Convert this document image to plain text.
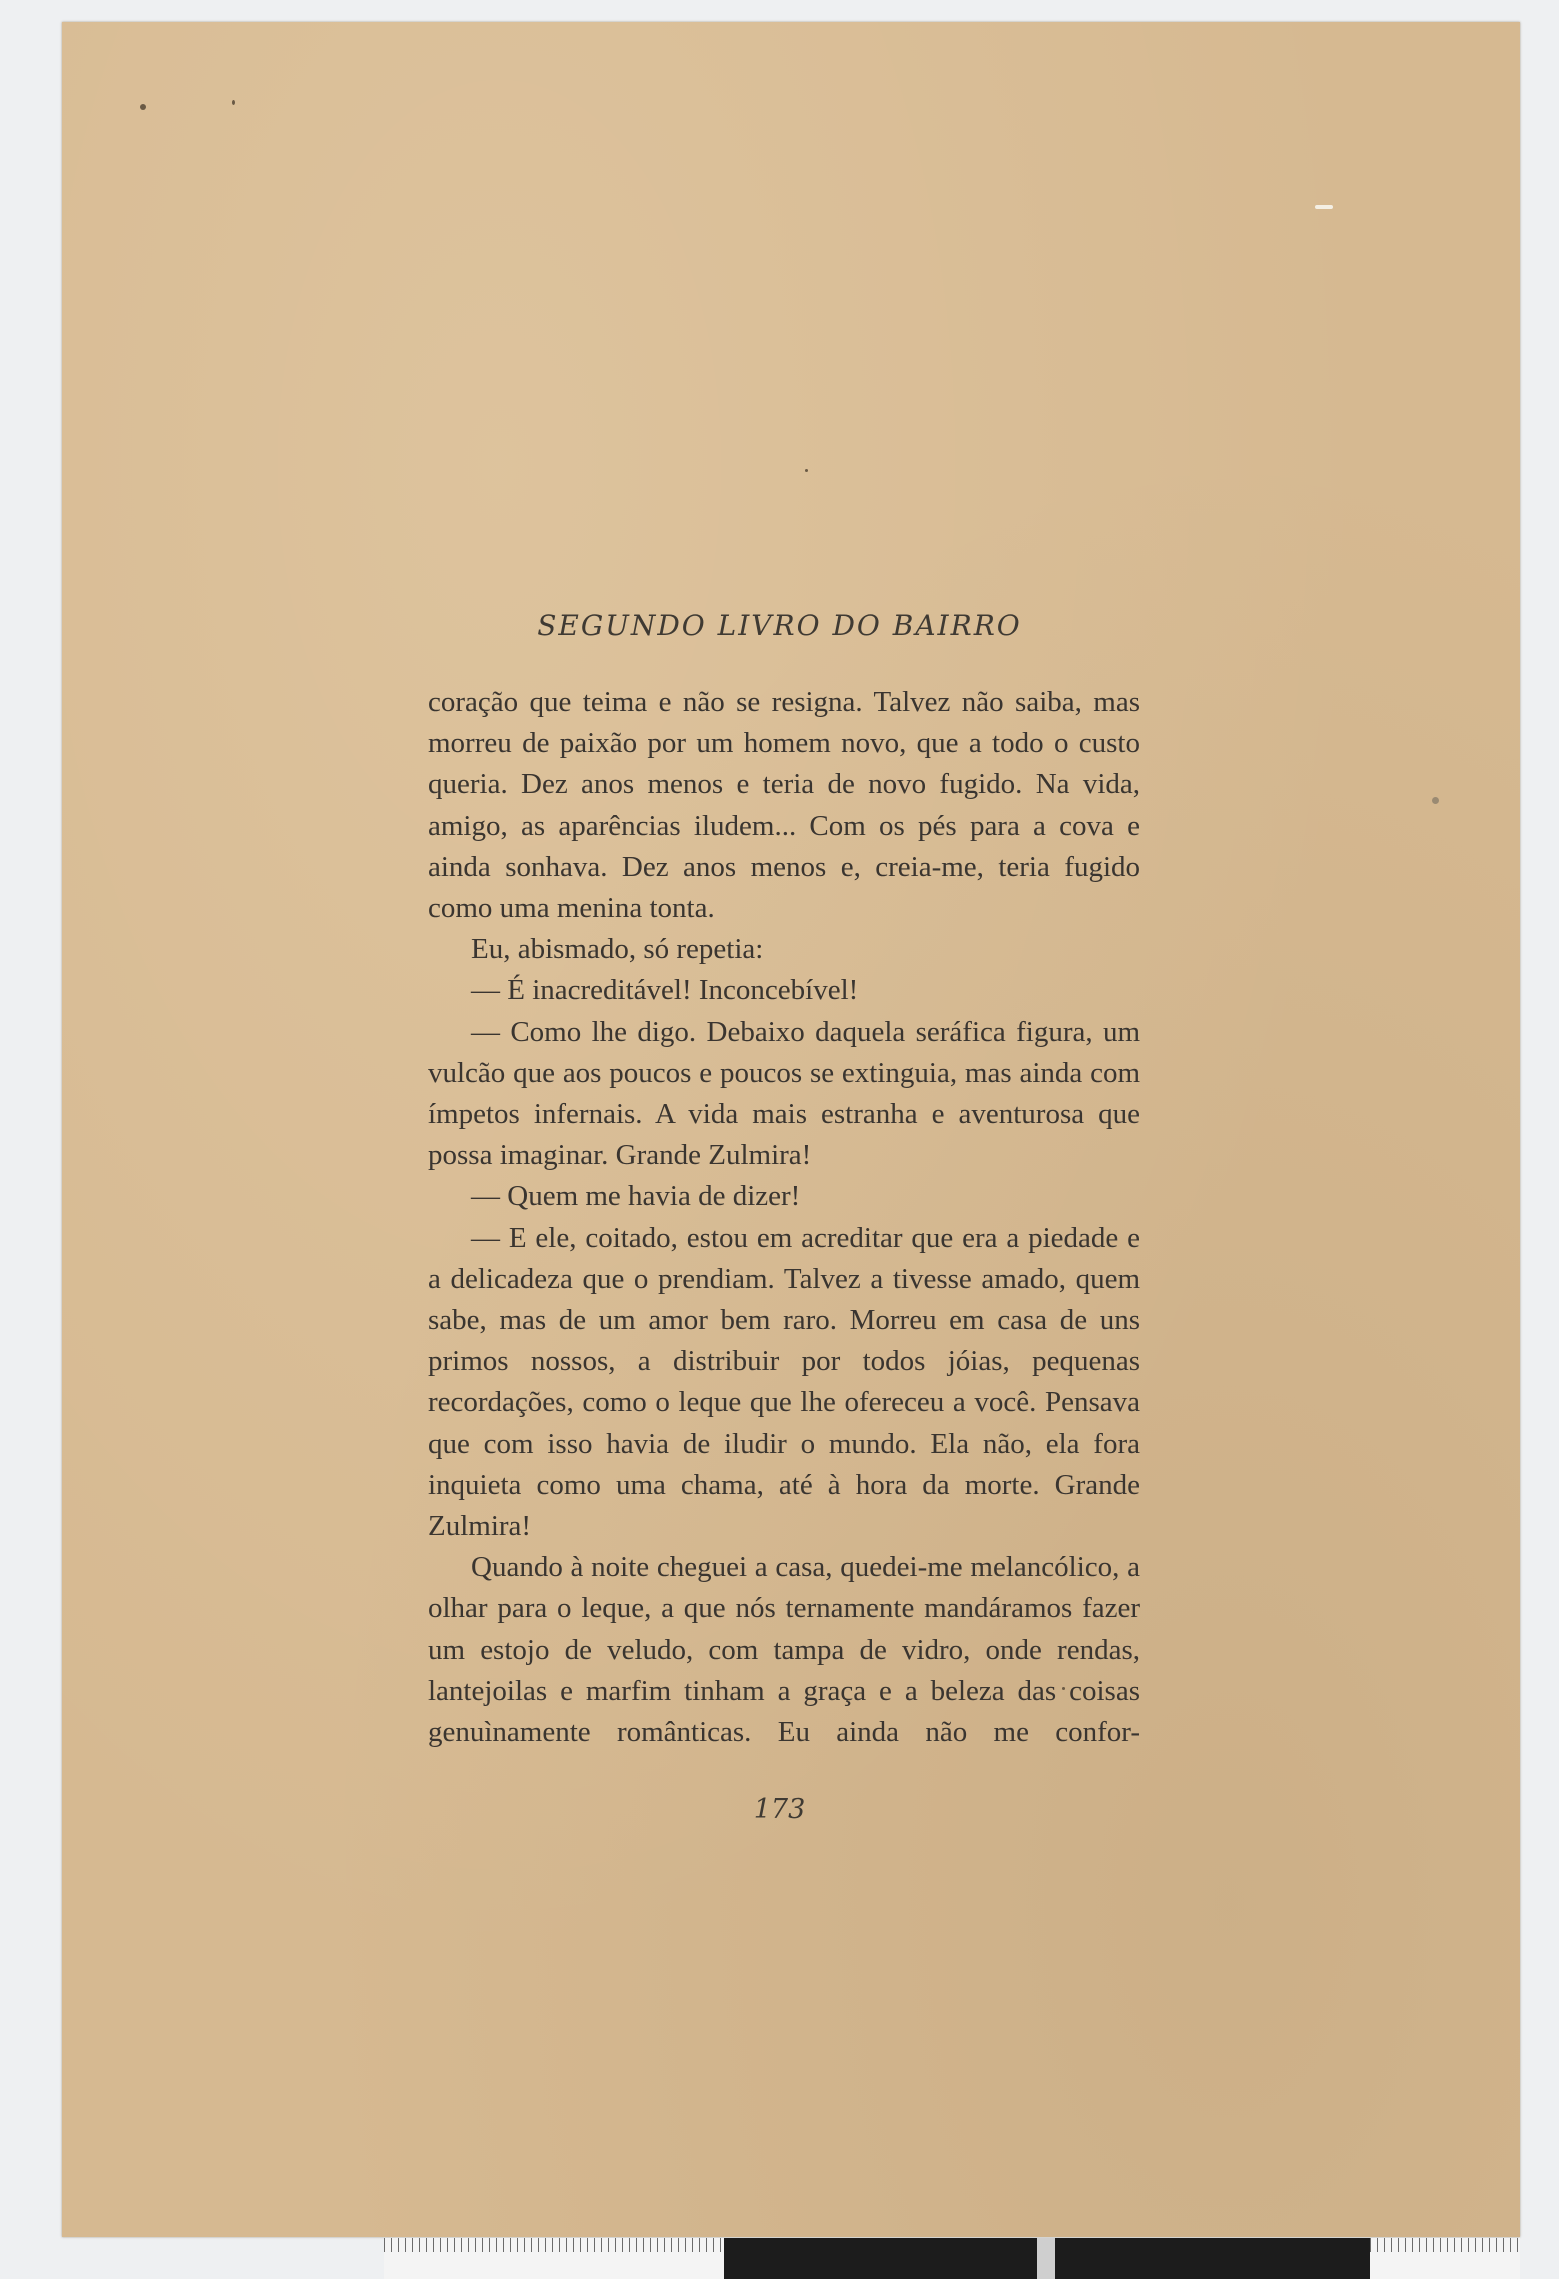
SEGUNDO LIVRO DO BAIRRO

coração que teima e não se resigna. Talvez não saiba, mas morreu de paixão por um homem novo, que a todo o custo queria. Dez anos menos e teria de novo fugido. Na vida, amigo, as aparências iludem... Com os pés para a cova e ainda sonhava. Dez anos menos e, creia-me, teria fugido como uma menina tonta.

Eu, abismado, só repetia:

— É inacreditável! Inconcebível!

— Como lhe digo. Debaixo daquela seráfica figura, um vulcão que aos poucos e poucos se extinguia, mas ainda com ímpetos infernais. A vida mais estranha e aventurosa que possa imaginar. Grande Zulmira!

— Quem me havia de dizer!

— E ele, coitado, estou em acreditar que era a piedade e a delicadeza que o prendiam. Talvez a tivesse amado, quem sabe, mas de um amor bem raro. Morreu em casa de uns primos nossos, a distribuir por todos jóias, pequenas recordações, como o leque que lhe ofereceu a você. Pensava que com isso havia de iludir o mundo. Ela não, ela fora inquieta como uma chama, até à hora da morte. Grande Zulmira!

Quando à noite cheguei a casa, quedei-me melancólico, a olhar para o leque, a que nós ternamente mandáramos fazer um estojo de veludo, com tampa de vidro, onde rendas, lantejoilas e marfim tinham a graça e a beleza das coisas genuìnamente românticas. Eu ainda não me confor-

173
